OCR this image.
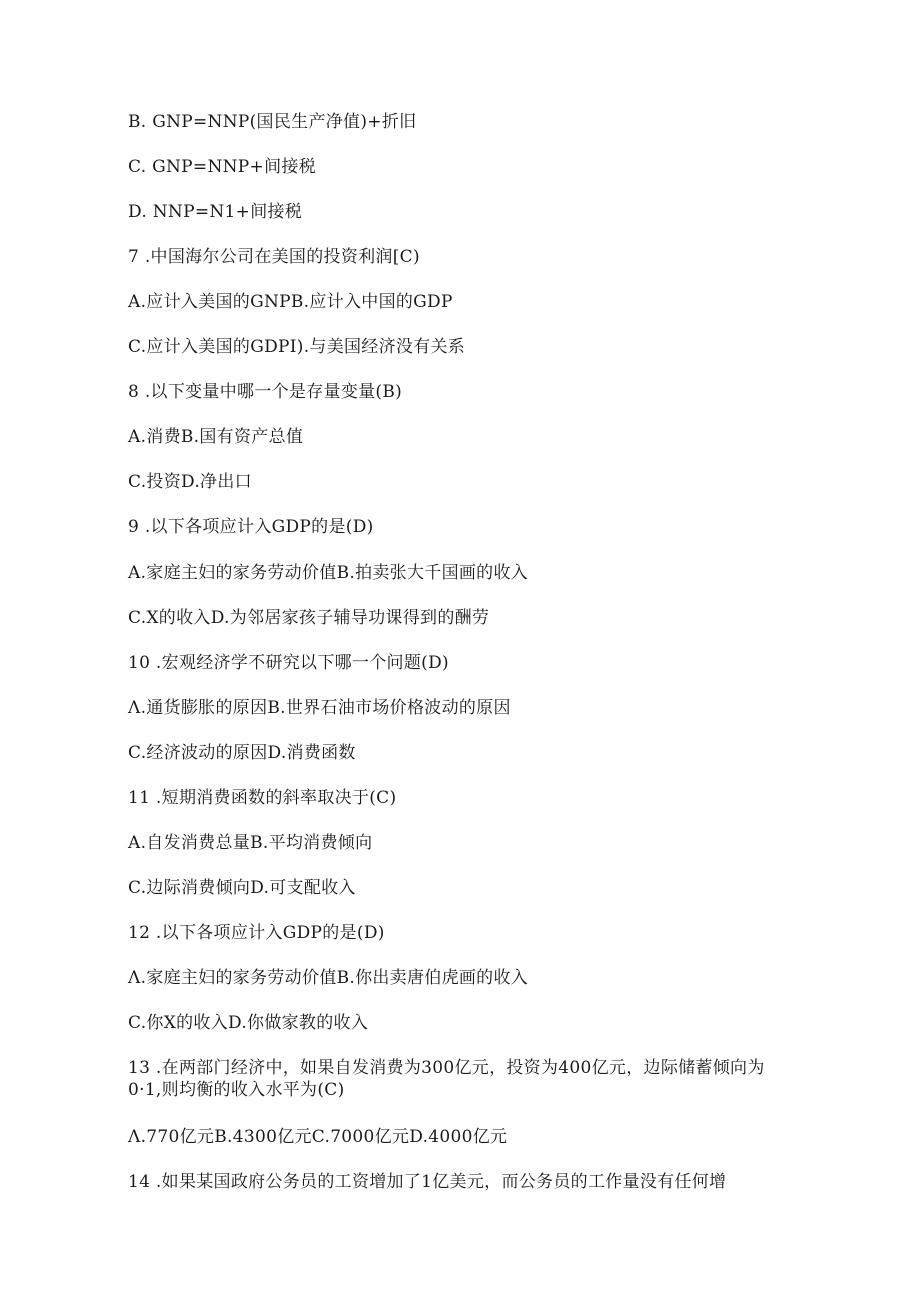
B. GNP=NNP(国民生产净值)+折旧
C. GNP=NNP+间接税
D. NNP=N1+间接税
7 .中国海尔公司在美国的投资利润[C)
A.应计入美国的GNPB.应计入中国的GDP
C.应计入美国的GDPI).与美国经济没有关系
8 .以下变量中哪一个是存量变量(B)
A.消费B.国有资产总值
C.投资D.净出口
9 .以下各项应计入GDP的是(D)
A.家庭主妇的家务劳动价值B.拍卖张大千国画的收入
C.X的收入D.为邻居家孩子辅导功课得到的酬劳
10 .宏观经济学不研究以下哪一个问题(D)
Λ.通货膨胀的原因B.世界石油市场价格波动的原因
C.经济波动的原因D.消费函数
11 .短期消费函数的斜率取决于(C)
A.自发消费总量B.平均消费倾向
C.边际消费倾向D.可支配收入
12 .以下各项应计入GDP的是(D)
Λ.家庭主妇的家务劳动价值B.你出卖唐伯虎画的收入
C.你X的收入D.你做家教的收入
13 .在两部门经济中，如果自发消费为300亿元，投资为400亿元，边际储蓄倾向为0·1,则均衡的收入水平为(C)
Λ.770亿元B.4300亿元C.7000亿元D.4000亿元
14 .如果某国政府公务员的工资增加了1亿美元，而公务员的工作量没有任何增
